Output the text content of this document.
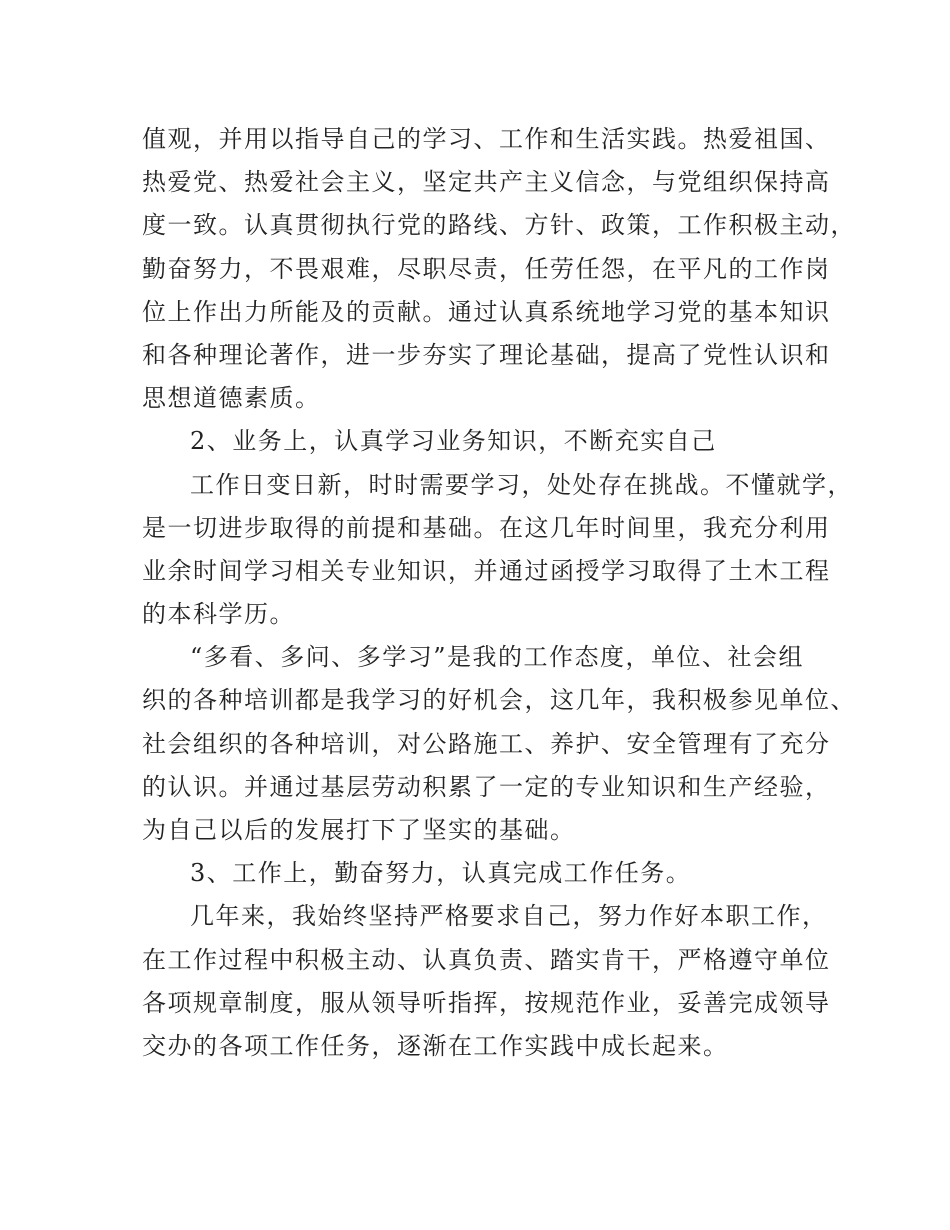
值观，并用以指导自己的学习、工作和生活实践。热爱祖国、
热爱党、热爱社会主义，坚定共产主义信念，与党组织保持高
度一致。认真贯彻执行党的路线、方针、政策，工作积极主动，
勤奋努力，不畏艰难，尽职尽责，任劳任怨，在平凡的工作岗
位上作出力所能及的贡献。通过认真系统地学习党的基本知识
和各种理论著作，进一步夯实了理论基础，提高了党性认识和
思想道德素质。
2、业务上，认真学习业务知识，不断充实自己
工作日变日新，时时需要学习，处处存在挑战。不懂就学，
是一切进步取得的前提和基础。在这几年时间里，我充分利用
业余时间学习相关专业知识，并通过函授学习取得了土木工程
的本科学历。
“多看、多问、多学习”是我的工作态度，单位、社会组
织的各种培训都是我学习的好机会，这几年，我积极参见单位、
社会组织的各种培训，对公路施工、养护、安全管理有了充分
的认识。并通过基层劳动积累了一定的专业知识和生产经验，
为自己以后的发展打下了坚实的基础。
3、工作上，勤奋努力，认真完成工作任务。
几年来，我始终坚持严格要求自己，努力作好本职工作，
在工作过程中积极主动、认真负责、踏实肯干，严格遵守单位
各项规章制度，服从领导听指挥，按规范作业，妥善完成领导
交办的各项工作任务，逐渐在工作实践中成长起来。
